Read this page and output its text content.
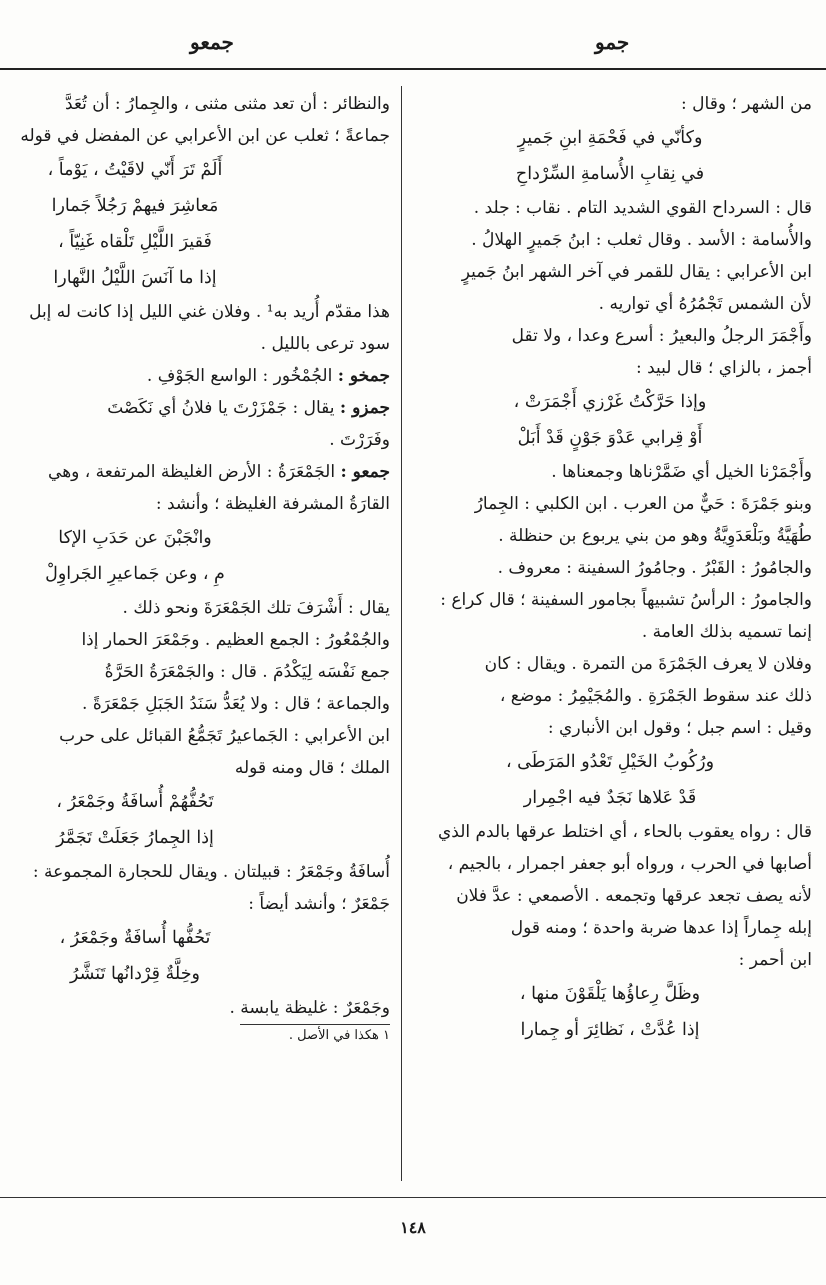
جمعو	جمو
من الشهر ؛ وقال :
وكأنّي في فَحْمَةِ ابنِ جَميرٍ
في نِقابِ الأُسامةِ السِّرْداحِ
قال : السرداح القوي الشديد التام . نقاب : جلد .
والأُسامة : الأسد . وقال ثعلب : ابنُ جَميرٍ الهلالُ .
ابن الأعرابي : يقال للقمر في آخر الشهر ابنُ جَميرٍ
لأن الشمس تَجْمُرُهُ أي تواريه .
وأَجْمَرَ الرجلُ والبعيرُ : أسرع وعدا ، ولا تقل
أجمز ، بالزاي ؛ قال لبيد :
وإذا حَرَّكْتُ غَرْزي أَجْمَرَتْ ،
أَوْ قِرابي عَدْوَ جَوْنٍ قَدْ أَبَلْ
وأَجْمَرْنا الخيل أي ضَمَّرْناها وجمعناها .
وبنو جَمْرَةَ : حَيٌّ من العرب . ابن الكلبي : الجِمارُ
طُهَيَّةُ وبَلْعَدَوِيَّةُ وهو من بني يربوع بن حنظلة .
والجامُورُ : القَبْرُ . وجامُورُ السفينة : معروف .
والجامورُ : الرأسُ تشبيهاً بجامور السفينة ؛ قال كراع :
إنما تسميه بذلك العامة .
وفلان لا يعرف الجَمْرَةَ من التمرة . ويقال : كان
ذلك عند سقوط الجَمْرَةِ . والمُجَيْمِرُ : موضع ،
وقيل : اسم جبل ؛ وقول ابن الأنباري :
ورُكُوبُ الخَيْلِ تَعْدُو المَرَطَى ،
قَدْ عَلاها نَجَدٌ فيه اجْمِرار
قال : رواه يعقوب بالحاء ، أي اختلط عرقها بالدم الذي
أصابها في الحرب ، ورواه أبو جعفر اجمرار ، بالجيم ،
لأنه يصف تجعد عرقها وتجمعه . الأصمعي : عدَّ فلان
إبله جِماراً إذا عدها ضربة واحدة ؛ ومنه قول
ابن أحمر :
وظَلَّ رِعاؤُها يَلْقَوْنَ منها ،
إذا عُدَّتْ ، نَظائِرَ أو جِمارا
والنظائر : أن تعد مثنى مثنى ، والجِمارُ : أن تُعَدَّ
جماعةً ؛ ثعلب عن ابن الأعرابي عن المفضل في قوله
أَلَمْ تَرَ أَنّي لاقَيْتُ ، يَوْماً ،
مَعاشِرَ فيهمْ رَجُلاً جَمارا
فَقيرَ اللَّيْلِ تَلْقاه غَنِيّاً ،
إذا ما آنَسَ اللَّيْلُ النَّهارا
هذا مقدّم أُريد به¹ . وفلان غني الليل إذا كانت له إبل
سود ترعى بالليل .
جمخو : الجُمْخُور : الواسع الجَوْفِ .
جمزو : يقال : جَمْزَرْتَ يا فلانُ أي نَكَصْتَ
وفَرَرْتَ .
جمعو : الجَمْعَرَةُ : الأرض الغليظة المرتفعة ، وهي
القارَةُ المشرفة الغليظة ؛ وأنشد :
وانْجَبْنَ عن حَدَبِ الإكا
مِ ، وعن جَماعيرِ الجَراوِلْ
يقال : أَشْرَفَ تلك الجَمْعَرَةَ ونحو ذلك .
والجُمْعُورُ : الجمع العظيم . وجَمْعَرَ الحمار إذا
جمع نَفْسَه لِيَكْدُمَ . قال : والجَمْعَرَةُ الحَرَّةُ
والجماعة ؛ قال : ولا يُعَدُّ سَنَدُ الجَبَلِ جَمْعَرَةً .
ابن الأعرابي : الجَماعيرُ تَجَمُّعُ القبائل على حرب
الملك ؛ قال ومنه قوله
تَحُفُّهُمْ أُسافَةُ وجَمْعَرُ ،
إذا الجِمارُ جَعَلَتْ تَجَمَّرُ
أُسافَةُ وجَمْعَرُ : قبيلتان . ويقال للحجارة المجموعة :
جَمْعَرٌ ؛ وأنشد أيضاً :
تَحُفُّها أُسافَةٌ وجَمْعَرُ ،
وخِلَّةٌ قِرْدانُها تَنَشَّرُ
وجَمْعَرٌ : غليظة يابسة .
١ هكذا في الأصل .
١٤٨
